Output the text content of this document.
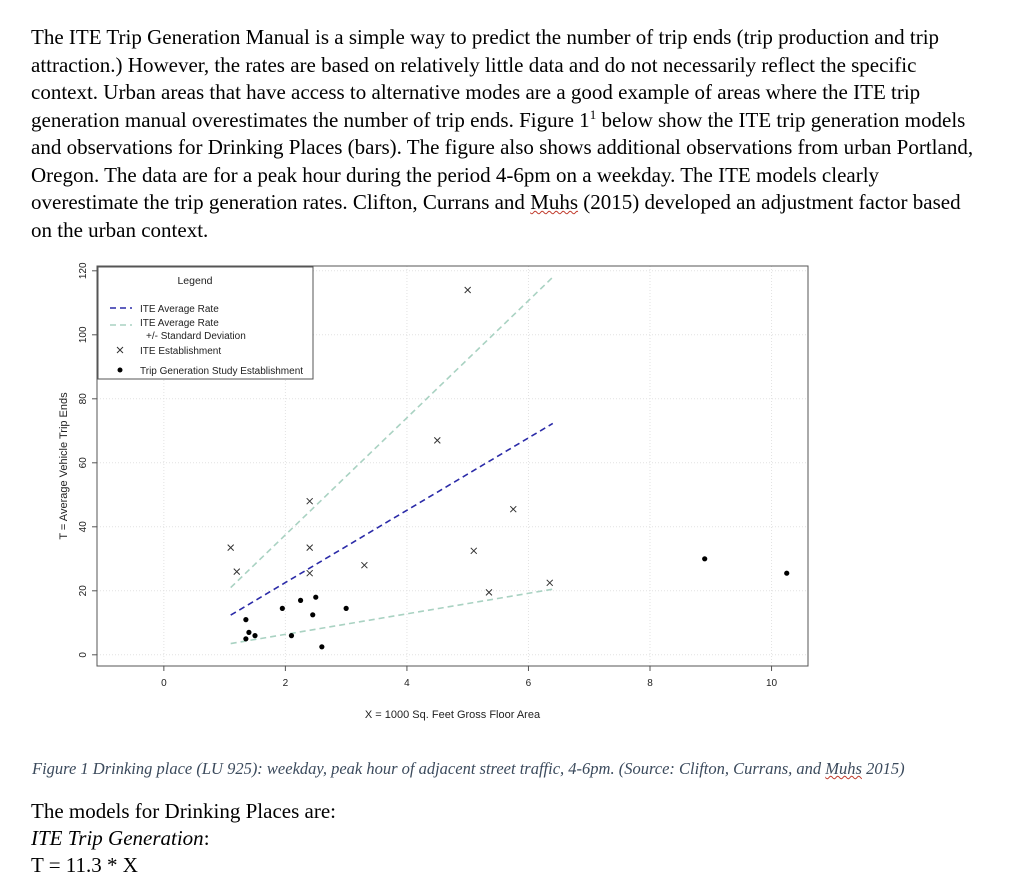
The ITE Trip Generation Manual is a simple way to predict the number of trip ends (trip production and trip attraction.) However, the rates are based on relatively little data and do not necessarily reflect the specific context. Urban areas that have access to alternative modes are a good example of areas where the ITE trip generation manual overestimates the number of trip ends. Figure $1^1$ below show the ITE trip generation models and observations for Drinking Places (bars). The figure also shows additional observations from urban Portland, Oregon. The data are for a peak hour during the period 4-6pm on a weekday. The ITE models clearly overestimate the trip generation rates. Clifton, Currans and Muhs (2015) developed an adjustment factor based on the urban context.

0	2	4	6	8	10
0
20
40
60
80
100
120
X = 1000 Sq. Feet Gross Floor Area
T = Average Vehicle Trip Ends
Legend
ITE Average Rate
ITE Average Rate
+/- Standard Deviation
ITE Establishment
Trip Generation Study Establishment
Figure 1 Drinking place (LU 925): weekday, peak hour of adjacent street traffic, 4-6pm. (Source: Clifton, Currans, and Muhs 2015)
The models for Drinking Places are:
ITE Trip Generation:
T = 11.3 * X
